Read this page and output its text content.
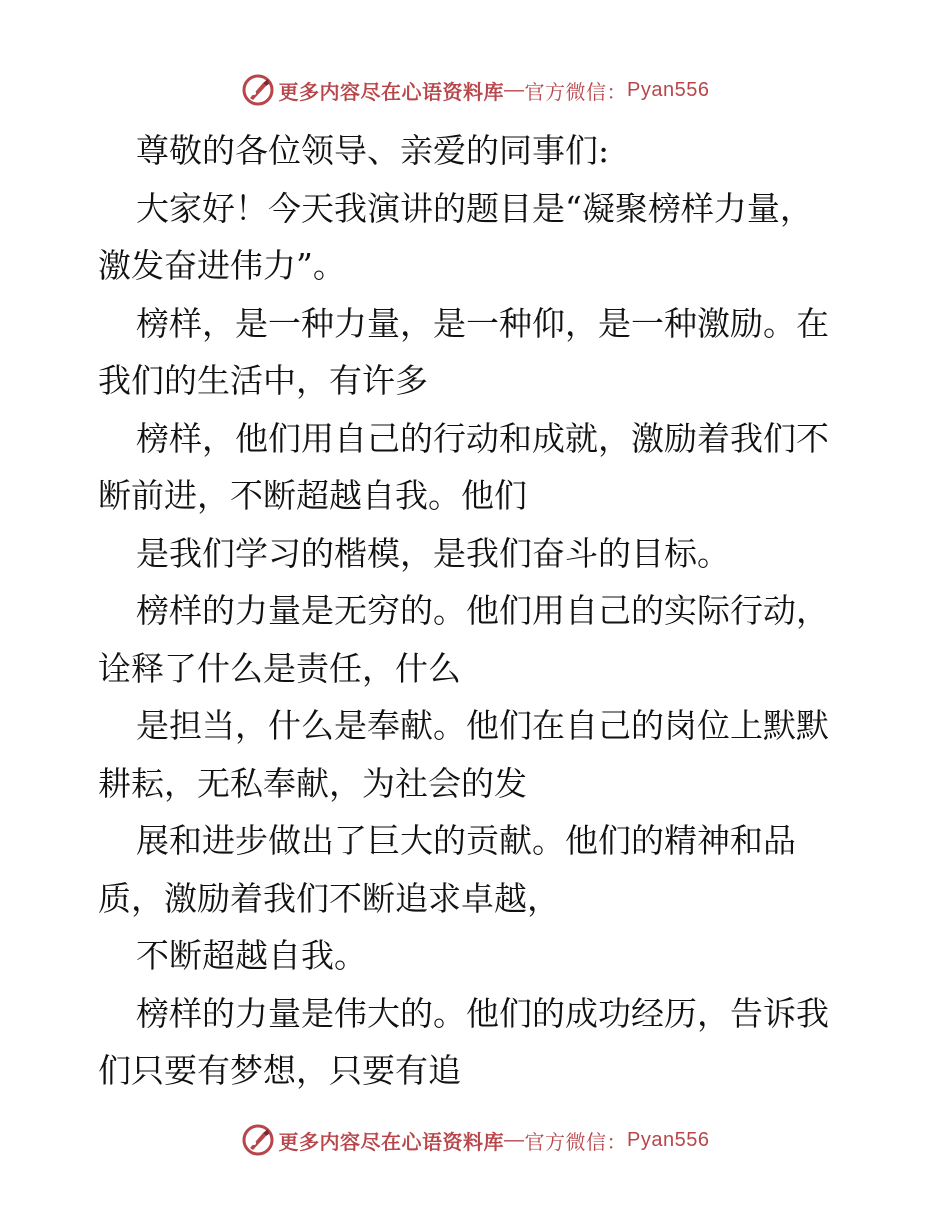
更多内容尽在心语资料库 — 官方微信： Pyan556
尊敬的各位领导、亲爱的同事们:
大家好！今天我演讲的题目是“凝聚榜样力量，
激发奋进伟力”。
榜样，是一种力量，是一种仰，是一种激励。在
我们的生活中，有许多
榜样，他们用自己的行动和成就，激励着我们不
断前进，不断超越自我。他们
是我们学习的楷模，是我们奋斗的目标。
榜样的力量是无穷的。他们用自己的实际行动，
诠释了什么是责任，什么
是担当，什么是奉献。他们在自己的岗位上默默
耕耘，无私奉献，为社会的发
展和进步做出了巨大的贡献。他们的精神和品
质，激励着我们不断追求卓越，
不断超越自我。
榜样的力量是伟大的。他们的成功经历，告诉我
们只要有梦想，只要有追
更多内容尽在心语资料库 — 官方微信： Pyan556
